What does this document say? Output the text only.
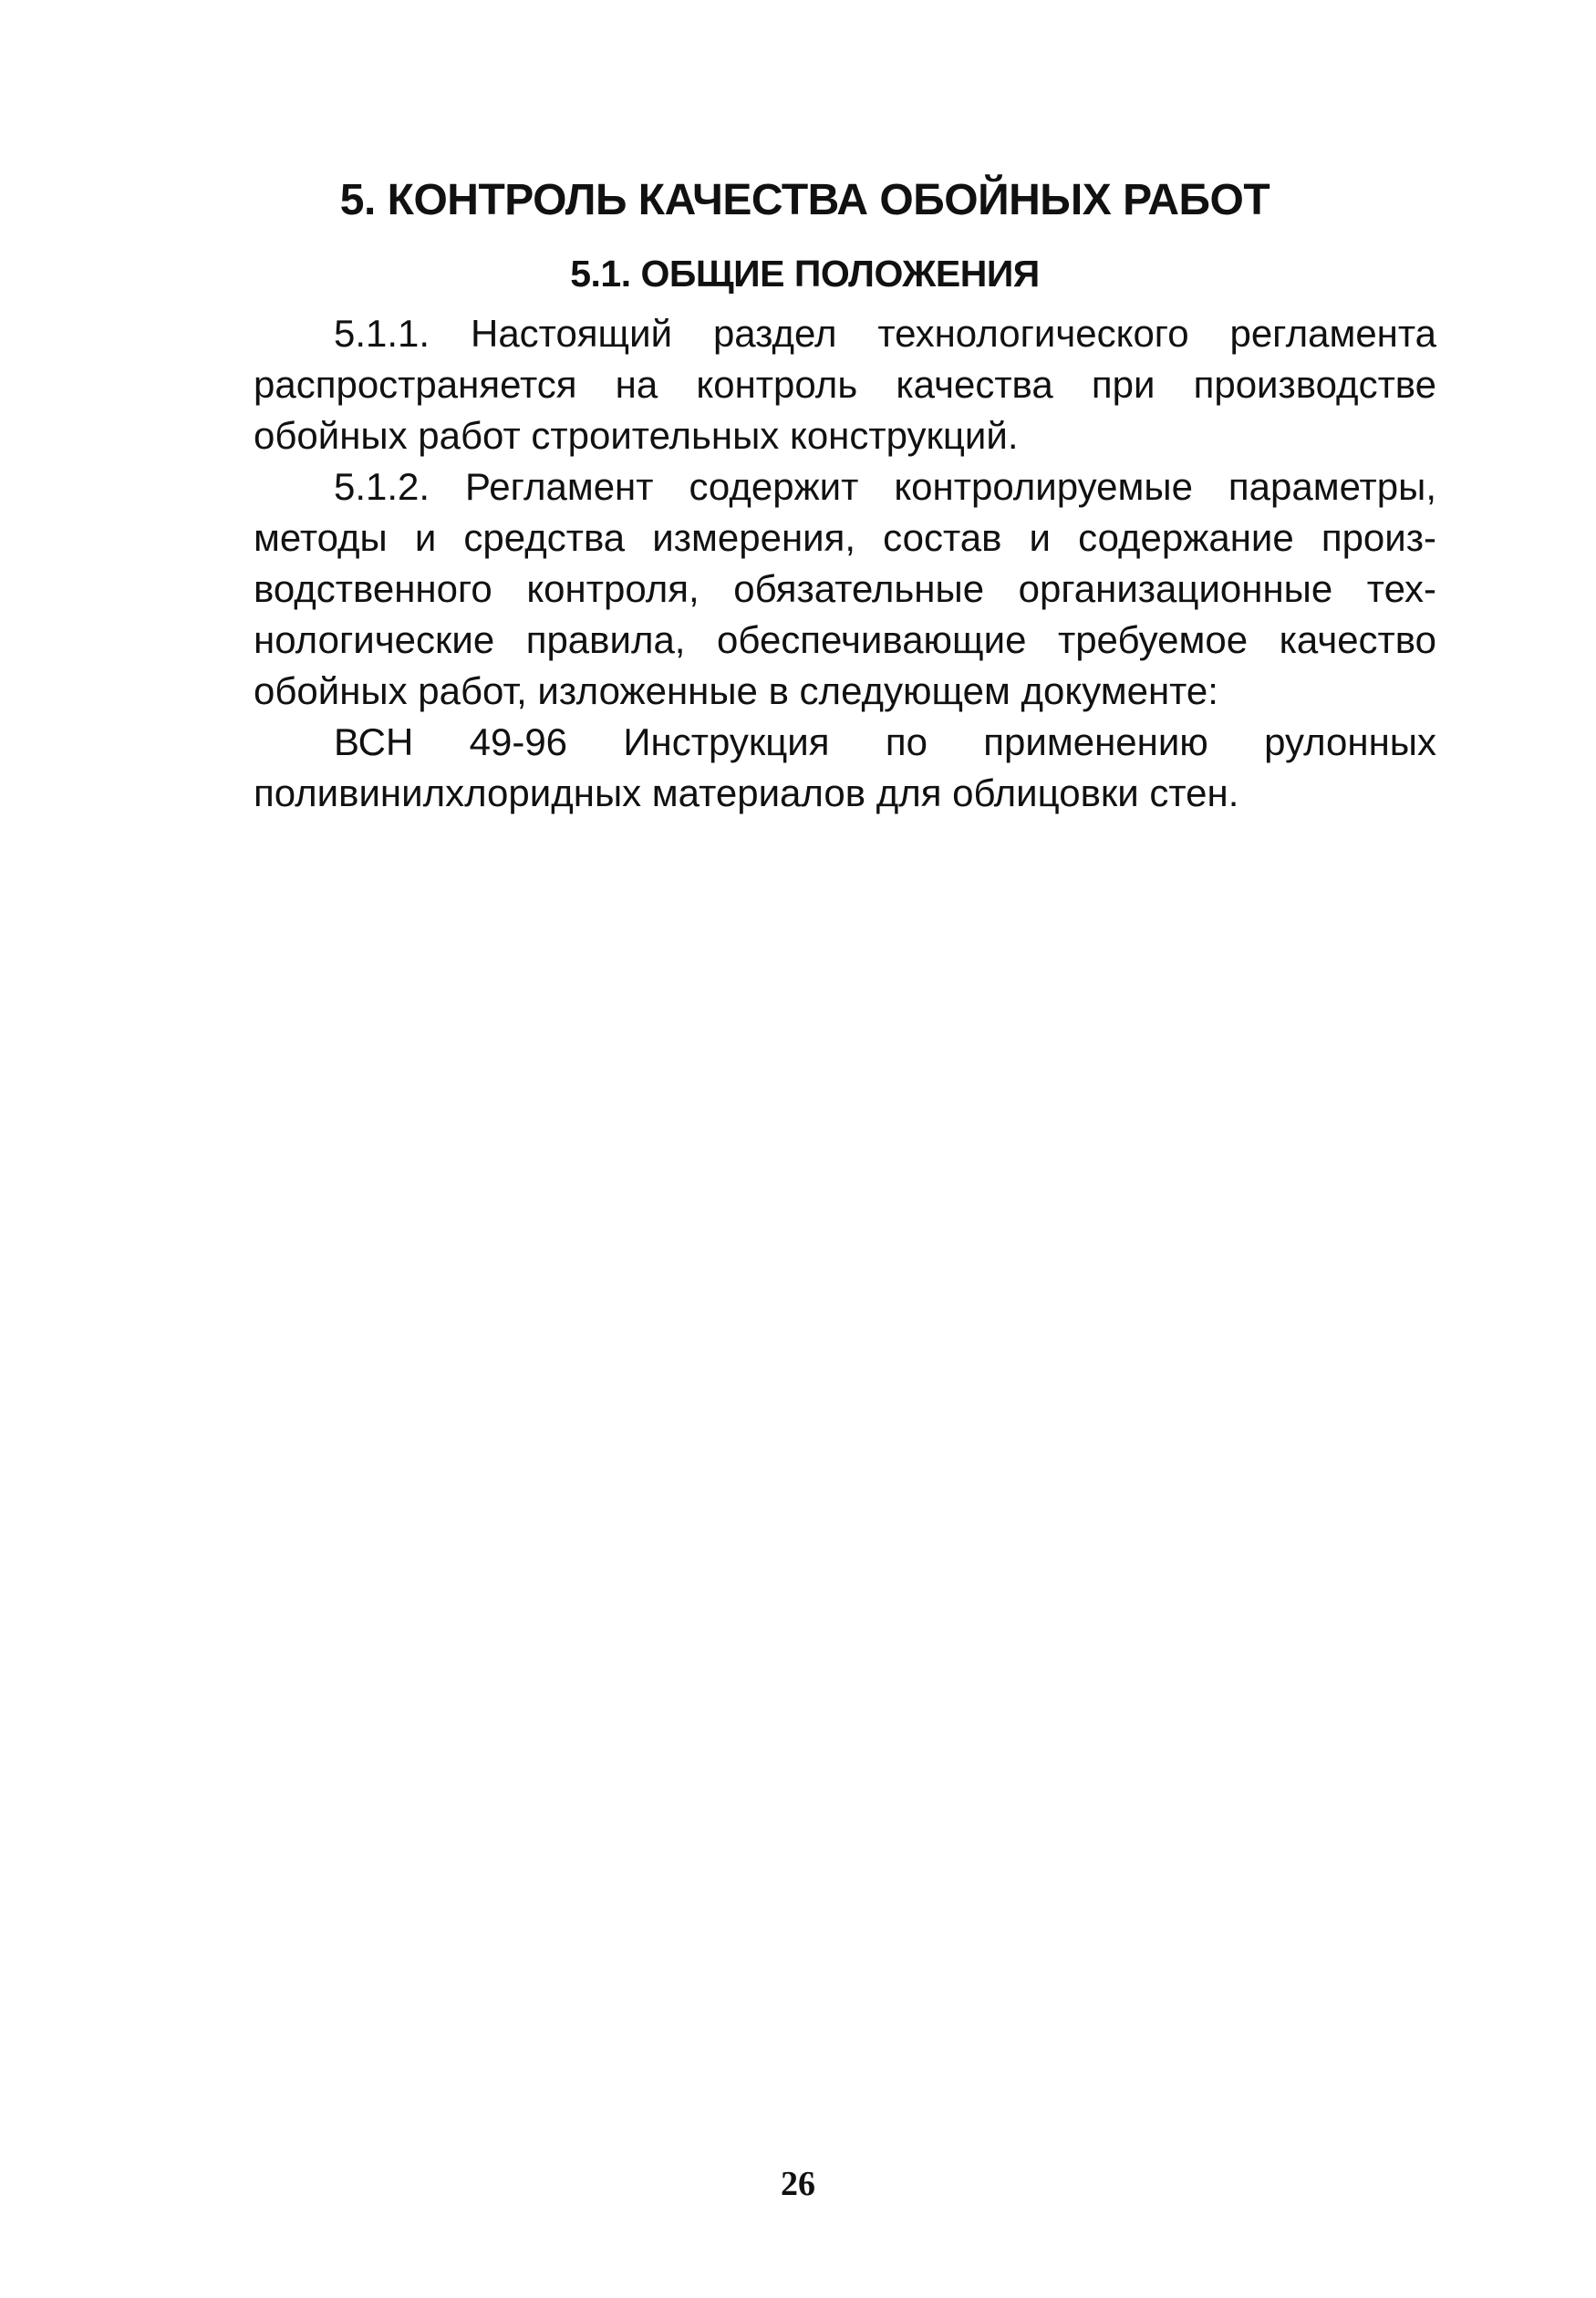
5. КОНТРОЛЬ КАЧЕСТВА ОБОЙНЫХ РАБОТ
5.1. ОБЩИЕ ПОЛОЖЕНИЯ
5.1.1. Настоящий раздел технологического регламента
распространяется на контроль качества при производстве
обойных работ строительных конструкций.
5.1.2. Регламент содержит контролируемые параметры,
методы и средства измерения, состав и содержание произ-
водственного контроля, обязательные организационные тех-
нологические правила, обеспечивающие требуемое качество
обойных работ, изложенные в следующем документе:
ВСН 49-96 Инструкция по применению рулонных
поливинилхлоридных материалов для облицовки стен.
26
